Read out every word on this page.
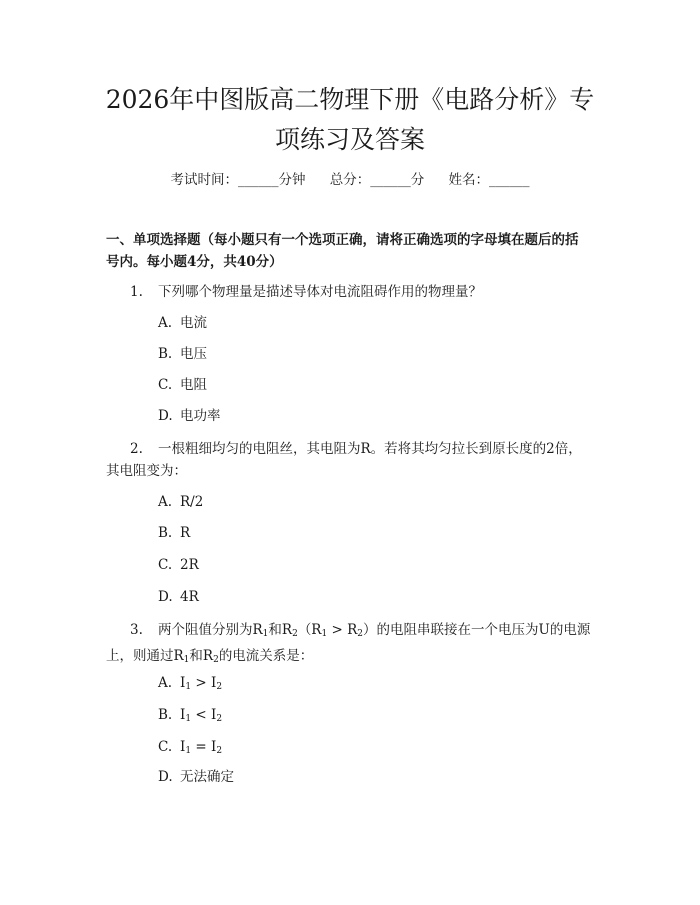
2026年中图版高二物理下册《电路分析》专
项练习及答案
考试时间：______分钟 总分：______分 姓名：______

一、单项选择题（每小题只有一个选项正确，请将正确选项的字母填在题后的括
号内。每小题4分，共40分）

1. 下列哪个物理量是描述导体对电流阻碍作用的物理量？

A. 电流
B. 电压
C. 电阻
D. 电功率

2. 一根粗细均匀的电阻丝，其电阻为R。若将其均匀拉长到原长度的2倍，
其电阻变为：

A. R/2
B. R
C. 2R
D. 4R

3. 两个阻值分别为$R_1$和$R_2(R_1 > R_2)$的电阻串联接在一个电压为U的电源
上，则通过$R_1$和$R_2$的电流关系是：

A. $I_1 > I_2$
B. $I_1 < I_2$
C. $I_1 = I_2$
D. 无法确定
